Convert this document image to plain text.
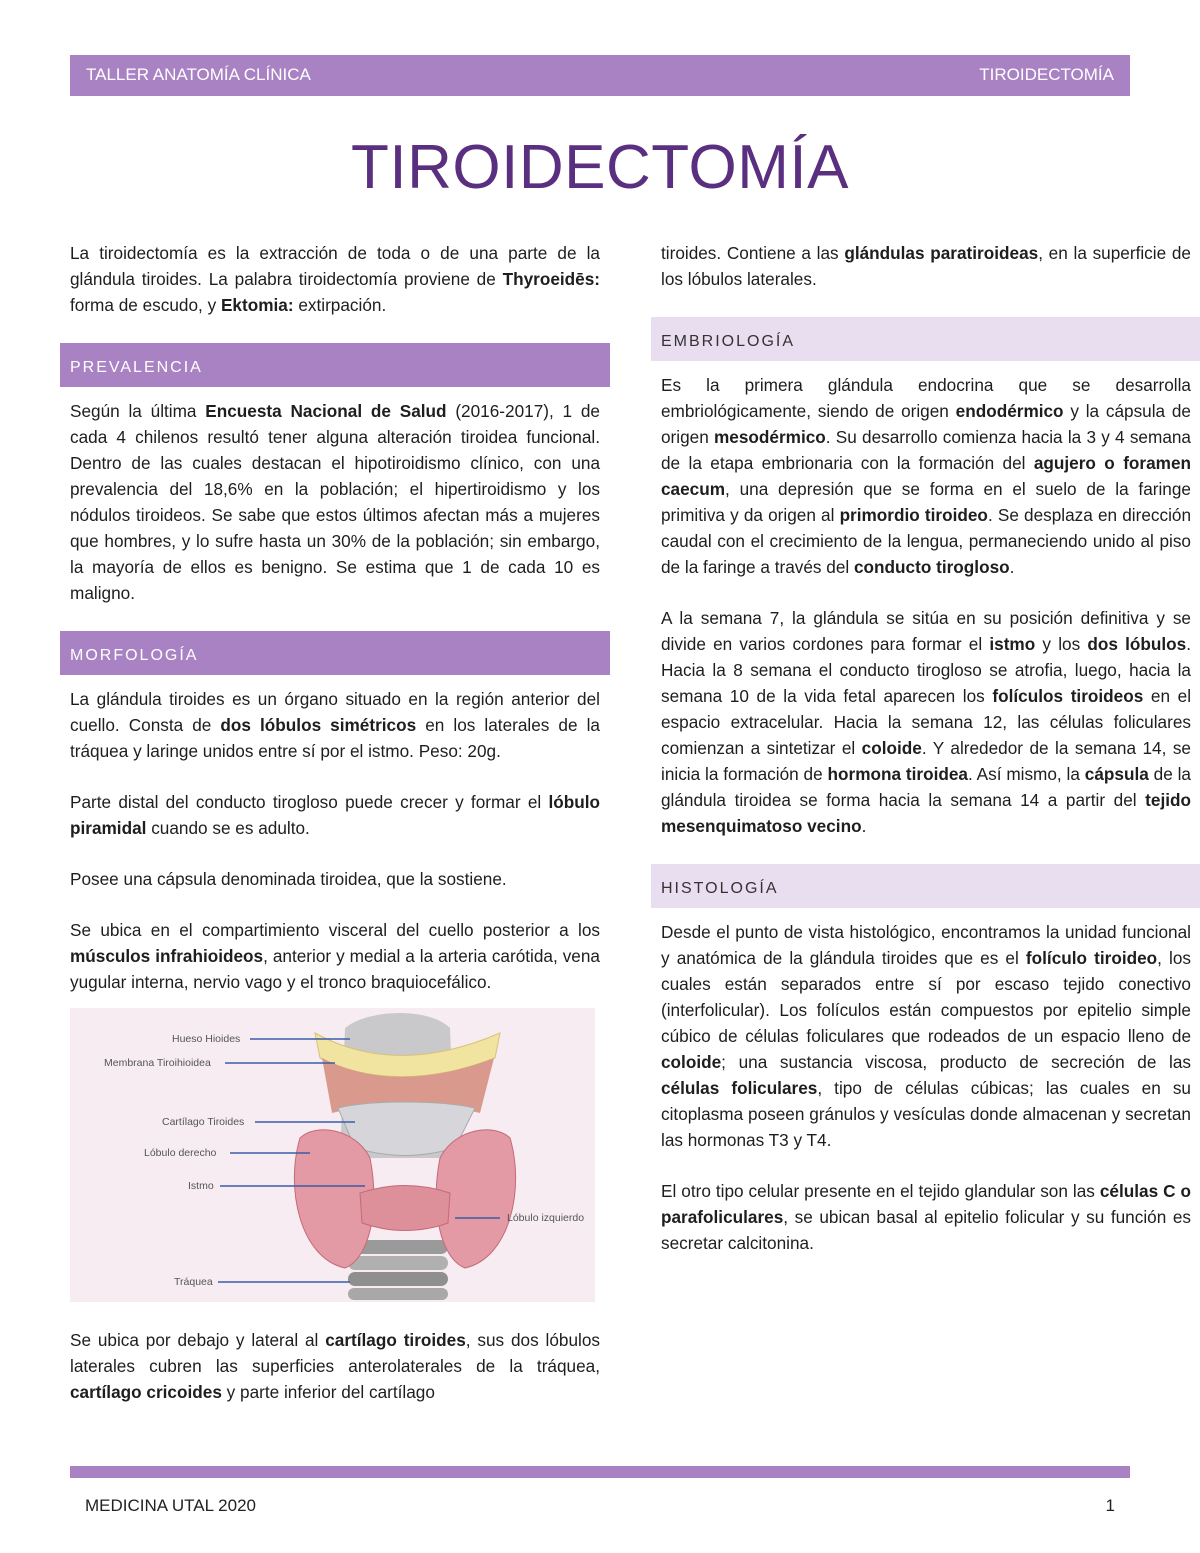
TALLER ANATOMÍA CLÍNICA	TIROIDECTOMÍA
TIROIDECTOMÍA

La tiroidectomía es la extracción de toda o de una parte de la glándula tiroides. La palabra tiroidectomía proviene de Thyroeidēs: forma de escudo, y Ektomia: extirpación.

PREVALENCIA

Según la última Encuesta Nacional de Salud (2016-2017), 1 de cada 4 chilenos resultó tener alguna alteración tiroidea funcional. Dentro de las cuales destacan el hipotiroidismo clínico, con una prevalencia del 18,6% en la población; el hipertiroidismo y los nódulos tiroideos. Se sabe que estos últimos afectan más a mujeres que hombres, y lo sufre hasta un 30% de la población; sin embargo, la mayoría de ellos es benigno. Se estima que 1 de cada 10 es maligno.

MORFOLOGÍA

La glándula tiroides es un órgano situado en la región anterior del cuello. Consta de dos lóbulos simétricos en los laterales de la tráquea y laringe unidos entre sí por el istmo. Peso: 20g.

Parte distal del conducto tirogloso puede crecer y formar el lóbulo piramidal cuando se es adulto.

Posee una cápsula denominada tiroidea, que la sostiene.

Se ubica en el compartimiento visceral del cuello posterior a los músculos infrahioideos, anterior y medial a la arteria carótida, vena yugular interna, nervio vago y el tronco braquiocefálico.

Hueso Hioides
Membrana Tiroihioidea
Cartílago Tiroides
Lóbulo derecho
Istmo
Lóbulo izquierdo
Tráquea

Se ubica por debajo y lateral al cartílago tiroides, sus dos lóbulos laterales cubren las superficies anterolaterales de la tráquea, cartílago cricoides y parte inferior del cartílago

tiroides. Contiene a las glándulas paratiroideas, en la superficie de los lóbulos laterales.

EMBRIOLOGÍA

Es la primera glándula endocrina que se desarrolla embriológicamente, siendo de origen endodérmico y la cápsula de origen mesodérmico. Su desarrollo comienza hacia la 3 y 4 semana de la etapa embrionaria con la formación del agujero o foramen caecum, una depresión que se forma en el suelo de la faringe primitiva y da origen al primordio tiroideo. Se desplaza en dirección caudal con el crecimiento de la lengua, permaneciendo unido al piso de la faringe a través del conducto tirogloso.

A la semana 7, la glándula se sitúa en su posición definitiva y se divide en varios cordones para formar el istmo y los dos lóbulos. Hacia la 8 semana el conducto tirogloso se atrofia, luego, hacia la semana 10 de la vida fetal aparecen los folículos tiroideos en el espacio extracelular. Hacia la semana 12, las células foliculares comienzan a sintetizar el coloide. Y alrededor de la semana 14, se inicia la formación de hormona tiroidea. Así mismo, la cápsula de la glándula tiroidea se forma hacia la semana 14 a partir del tejido mesenquimatoso vecino.

HISTOLOGÍA

Desde el punto de vista histológico, encontramos la unidad funcional y anatómica de la glándula tiroides que es el folículo tiroideo, los cuales están separados entre sí por escaso tejido conectivo (interfolicular). Los folículos están compuestos por epitelio simple cúbico de células foliculares que rodeados de un espacio lleno de coloide; una sustancia viscosa, producto de secreción de las células foliculares, tipo de células cúbicas; las cuales en su citoplasma poseen gránulos y vesículas donde almacenan y secretan las hormonas T3 y T4.

El otro tipo celular presente en el tejido glandular son las células C o parafoliculares, se ubican basal al epitelio folicular y su función es secretar calcitonina.

MEDICINA UTAL 2020	1
